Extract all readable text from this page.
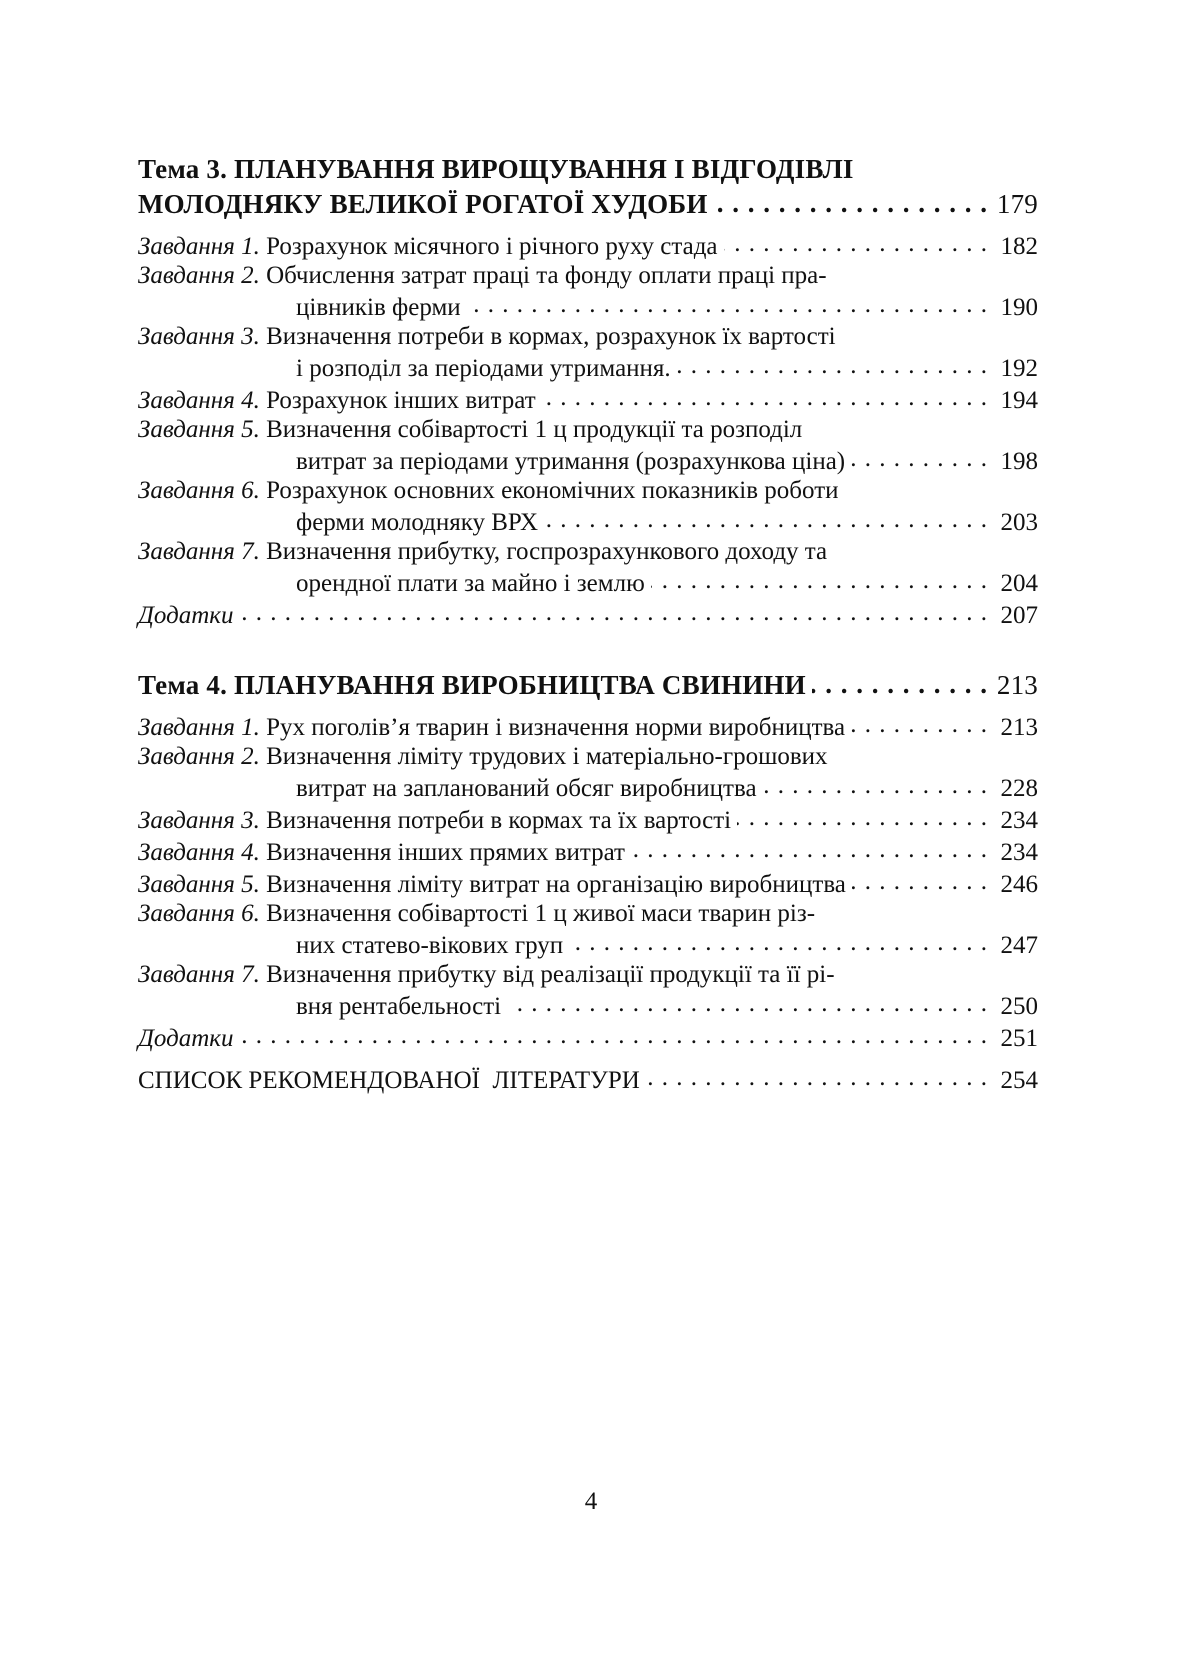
Тема 3.
ПЛАНУВАННЯ ВИРОЩУВАННЯ І ВІДГОДІВЛІ
МОЛОДНЯКУ ВЕЛИКОЇ РОГАТОЇ ХУДОБИ . . .	179
Завдання 1.
Розрахунок місячного і річного руху стада . . .	182
Завдання 2.
Обчислення затрат праці та фонду оплати праці пра-
цівників ферми . . .	190
Завдання 3.
Визначення потреби в кормах, розрахунок їх вартості
і розподіл за періодами утримання. . . .	192
Завдання 4.
Розрахунок інших витрат . . .	194
Завдання 5.
Визначення собівартості 1 ц продукції та розподіл
витрат за періодами утримання (розрахункова ціна) . . .	198
Завдання 6.
Розрахунок основних економічних показників роботи
ферми молодняку ВРХ . . .	203
Завдання 7.
Визначення прибутку, госпрозрахункового доходу та
орендної плати за майно і землю . . .	204
Додатки . . .	207
Тема 4.
ПЛАНУВАННЯ ВИРОБНИЦТВА СВИНИНИ . . .	213
Завдання 1.
Рух поголів’я тварин і визначення норми виробництва . . .	213
Завдання 2.
Визначення ліміту трудових і матеріально-грошових
витрат на запланований обсяг виробництва . . .	228
Завдання 3.
Визначення потреби в кормах та їх вартості . . .	234
Завдання 4.
Визначення інших прямих витрат . . .	234
Завдання 5.
Визначення ліміту витрат на організацію виробництва . . .	246
Завдання 6.
Визначення собівартості 1 ц живої маси тварин різ-
них статево-вікових груп . . .	247
Завдання 7.
Визначення прибутку від реалізації продукції та її рі-
вня рентабельності . . .	250
Додатки . . .	251
СПИСОК РЕКОМЕНДОВАНОЇ  ЛІТЕРАТУРИ . . .	254
4
